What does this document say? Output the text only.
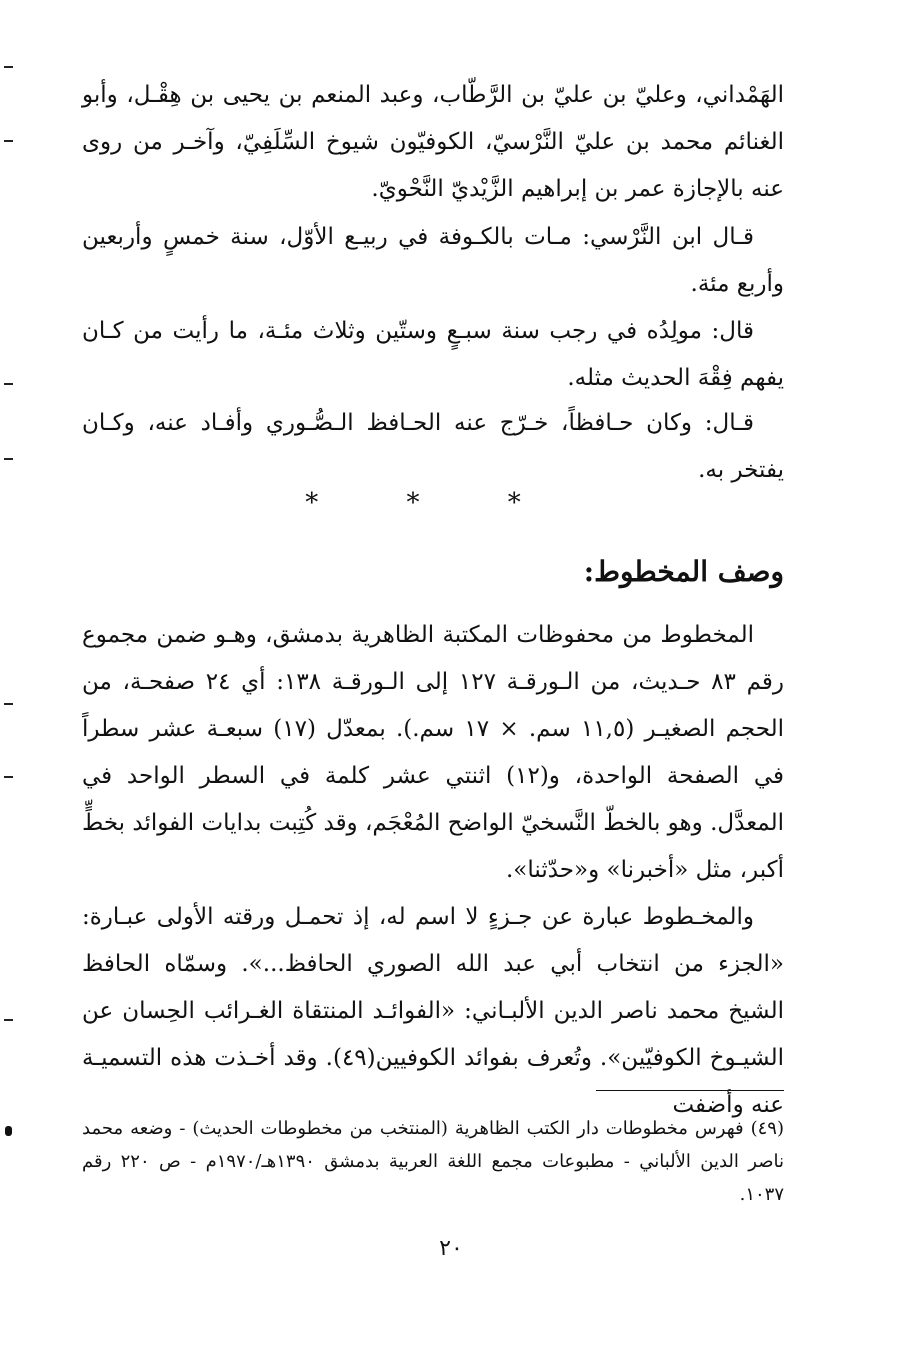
الهَمْداني، وعليّ بن عليّ بن الرَّطّاب، وعبد المنعم بن يحيى بن هِقْـل، وأبو الغنائم محمد بن عليّ النَّرْسيّ، الكوفيّون شيوخ السِّلَفِيّ، وآخـر من روى عنه بالإجازة عمر بن إبراهيم الزَّيْديّ النَّحْويّ.

قـال ابن النَّرْسي: مـات بالكـوفة في ربيـع الأوّل، سنة خمسٍ وأربعين وأربع مئة.

قال: مولِدُه في رجب سنة سبـعٍ وستّين وثلاث مئـة، ما رأيت من كـان يفهم فِقْهَ الحديث مثله.

قـال: وكان حـافظاً، خـرّج عنه الحـافظ الـصُّـوري وأفـاد عنه، وكـان يفتخر به.

* * *
وصف المخطوط:

المخطوط من محفوظات المكتبة الظاهرية بدمشق، وهـو ضمن مجموع رقم ٨٣ حـديث، من الـورقـة ١٢٧ إلى الـورقـة ١٣٨: أي ٢٤ صفحـة، من الحجم الصغيـر (١١,٥ سم. × ١٧ سم.). بمعدّل (١٧) سبعـة عشر سطراً في الصفحة الواحدة، و(١٢) اثنتي عشر كلمة في السطر الواحد في المعدَّل. وهو بالخطّ النَّسخيّ الواضح المُعْجَم، وقد كُتِبت بدايات الفوائد بخطٍّ أكبر، مثل «أخبرنا» و«حدّثنا».

والمخـطوط عبارة عن جـزءٍ لا اسم له، إذ تحمـل ورقته الأولى عبـارة: «الجزء من انتخاب أبي عبد الله الصوري الحافظ...». وسمّاه الحافظ الشيخ محمد ناصر الدين الألبـاني: «الفوائـد المنتقاة الغـرائب الحِسان عن الشيـوخ الكوفيّين». وتُعرف بفوائد الكوفيين(٤٩). وقد أخـذت هذه التسميـة عنه وأضفت

(٤٩) فهرس مخطوطات دار الكتب الظاهرية (المنتخب من مخطوطات الحديث) - وضعه محمد ناصر الدين الألباني - مطبوعات مجمع اللغة العربية بدمشق ١٣٩٠هـ/١٩٧٠م - ص ٢٢٠ رقم ١٠٣٧.

٢٠
